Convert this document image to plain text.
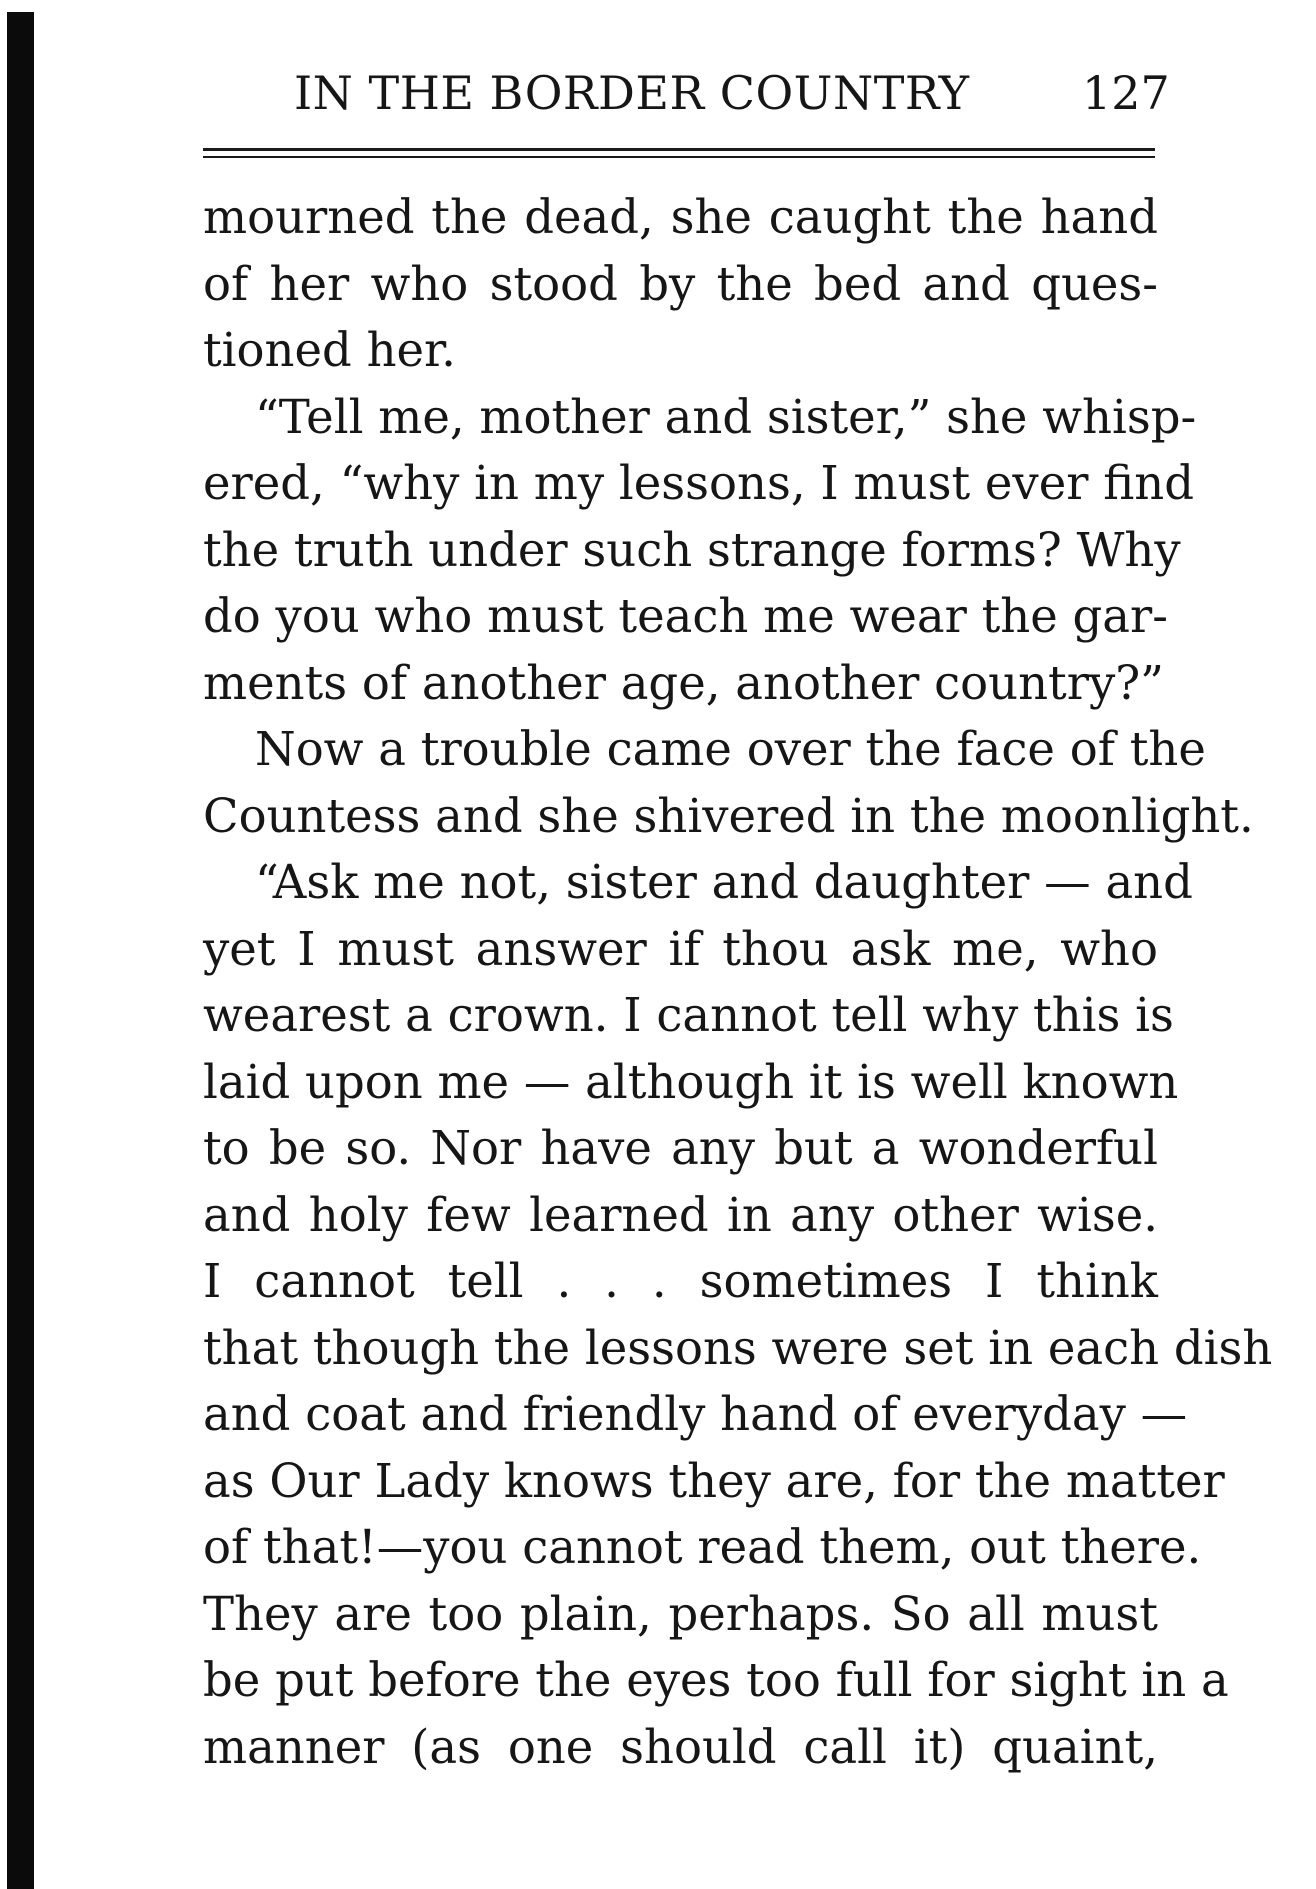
IN THE BORDER COUNTRY	127
mourned the dead, she caught the hand
of her who stood by the bed and ques-
tioned her.
“Tell me, mother and sister,” she whisp-
ered, “why in my lessons, I must ever find
the truth under such strange forms? Why
do you who must teach me wear the gar-
ments of another age, another country?”
Now a trouble came over the face of the
Countess and she shivered in the moonlight.
“Ask me not, sister and daughter — and
yet I must answer if thou ask me, who
wearest a crown. I cannot tell why this is
laid upon me — although it is well known
to be so. Nor have any but a wonderful
and holy few learned in any other wise.
I cannot tell . . . sometimes I think
that though the lessons were set in each dish
and coat and friendly hand of everyday —
as Our Lady knows they are, for the matter
of that!—you cannot read them, out there.
They are too plain, perhaps. So all must
be put before the eyes too full for sight in a
manner (as one should call it) quaint,
